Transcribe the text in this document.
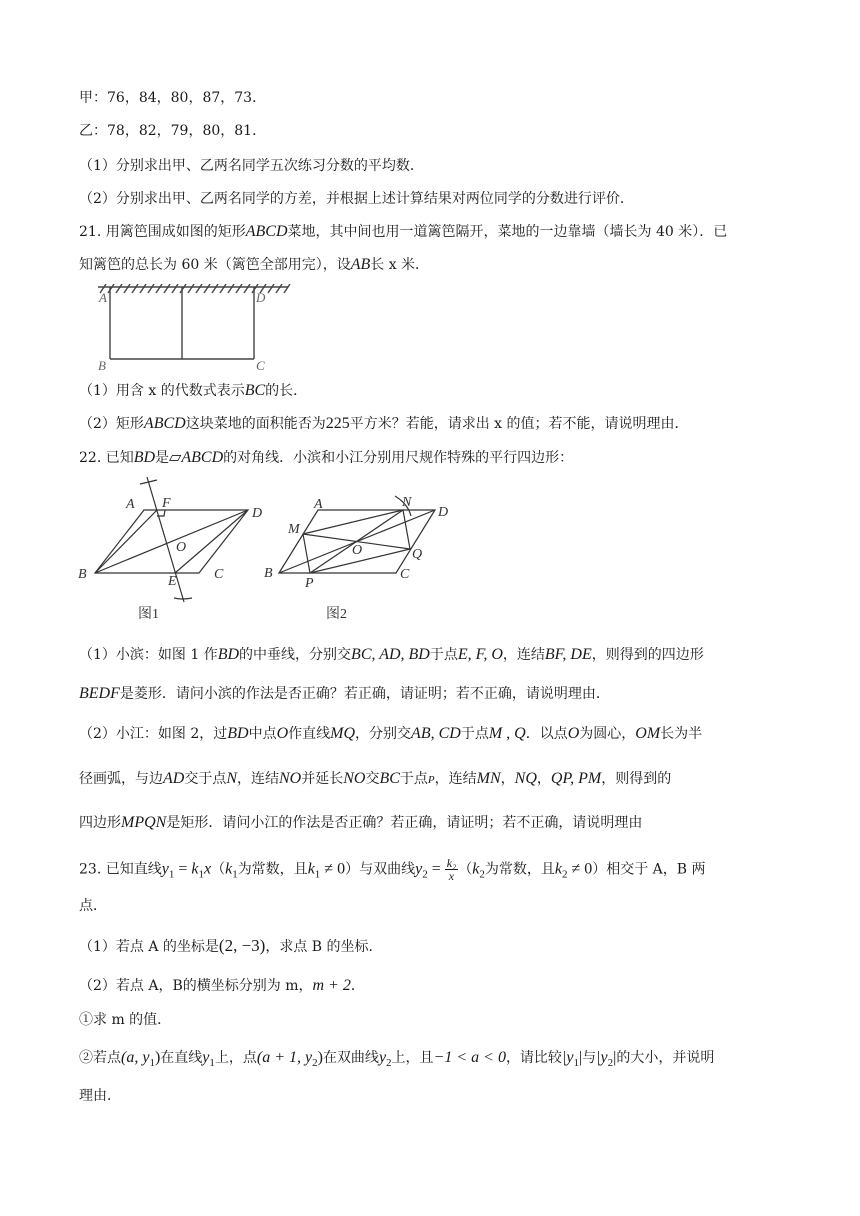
甲：76，84，80，87，73．
乙：78，82，79，80，81．
（1）分别求出甲、乙两名同学五次练习分数的平均数．
（2）分别求出甲、乙两名同学的方差，并根据上述计算结果对两位同学的分数进行评价．
21. 用篱笆围成如图的矩形ABCD菜地，其中间也用一道篱笆隔开，菜地的一边靠墙（墙长为 40 米）．已
知篱笆的总长为 60 米（篱笆全部用完），设AB长 x 米．
A	D
B	C
（1）用含 x 的代数式表示BC的长．
（2）矩形ABCD这块菜地的面积能否为225平方米？若能，请求出 x 的值；若不能，请说明理由．
22. 已知BD是▱ABCD的对角线．小滨和小江分别用尺规作特殊的平行四边形：
A F
D
O
B	E	C
图1
A	N
D
M
O	Q
B
P
C
图2
（1）小滨：如图 1 作BD的中垂线，分别交BC, AD, BD于点E, F, O，连结BF, DE，则得到的四边形
BEDF是菱形．请问小滨的作法是否正确？若正确，请证明；若不正确，请说明理由．
（2）小江：如图 2，过BD中点O作直线MQ，分别交AB, CD于点M , Q．以点O为圆心，OM长为半
径画弧，与边AD交于点N，连结NO并延长NO交BC于点P，连结MN，NQ，QP, PM，则得到的
四边形MPQN是矩形．请问小江的作法是否正确？若正确，请证明；若不正确，请说明理由
23. 已知直线$y_1 = k_1x(k_1$为常数，且$k_1 \ne 0$）与双曲线$y_2 = \frac{\text{k₂}}{x} (k_2$为常数，且$k_2 \ne 0$）相交于 A，B 两
点．
（1）若点 A 的坐标是(2, −3)，求点 B 的坐标．
（2）若点 A，B的横坐标分别为 m，m + 2．
①求 m 的值．
②若点(a, $y_1$)在直线$y_1$上，点(a + 1, $y_2$)在双曲线$y_2$上，且−1 < a < 0，请比较$|y_1|$与$|y_2|$的大小，并说明
理由．
